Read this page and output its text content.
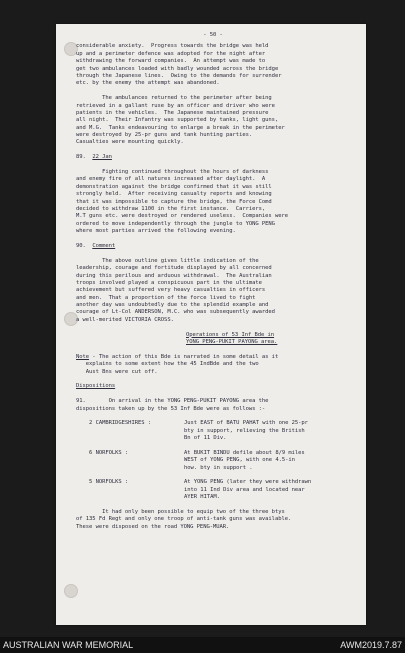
- 50 -
considerable anxiety.  Progress towards the bridge was held
up and a perimeter defence was adopted for the night after
withdrawing the forward companies.  An attempt was made to
get two ambulances loaded with badly wounded across the bridge
through the Japanese lines.  Owing to the demands for surrender
etc. by the enemy the attempt was abandoned.
The ambulances returned to the perimeter after being
retrieved in a gallant ruse by an officer and driver who were
patients in the vehicles.  The Japanese maintained pressure
all night.  Their Infantry was supported by tanks, light guns,
and M.G.  Tanks endeavouring to enlarge a break in the perimeter
were destroyed by 25-pr guns and tank hunting parties.
Casualties were mounting quickly.
89. 22 Jan
Fighting continued throughout the hours of darkness
and enemy fire of all natures increased after daylight.  A
demonstration against the bridge confirmed that it was still
strongly held.  After receiving casualty reports and knowing
that it was impossible to capture the bridge, the Force Comd
decided to withdraw 1100 in the first instance.  Carriers,
M.T guns etc. were destroyed or rendered useless.  Companies were
ordered to move independently through the jungle to YONG PENG
where most parties arrived the following evening.
90. Comment
The above outline gives little indication of the
leadership, courage and fortitude displayed by all concerned
during this perilous and arduous withdrawal.  The Australian
troops involved played a conspicuous part in the ultimate
achievement but suffered very heavy casualties in officers
and men.  That a proportion of the force lived to fight
another day was undoubtedly due to the splendid example and
courage of Lt-Col ANDERSON, M.C. who was subsequently awarded
a well-merited VICTORIA CROSS.
Operations of 53 Inf Bde in
YONG PENG-PUKIT PAYONG area.
Note - The action of this Bde is narrated in some detail as it
explains to some extent how the 45 IndBde and the two
Aust Bns were cut off.
Dispositions
91.       On arrival in the YONG PENG-PUKIT PAYONG area the
dispositions taken up by the 53 Inf Bde were as follows :-
2 CAMBRIDGESHIRES :	Just EAST of BATU PAHAT with one 25-pr
bty in support, relieving the British
Bn of 11 Div.
6 NORFOLKS :	At BUKIT BINDU defile about 8/9 miles
WEST of YONG PENG, with one 4.5-in
how. bty in support .
5 NORFOLKS :	At YONG PENG (later they were withdrawn
into 11 Ind Div area and located near
AYER HITAM.
It had only been possible to equip two of the three btys
of 135 Fd Regt and only one troop of anti-tank guns was available.
These were disposed on the road YONG PENG-MUAR.
AUSTRALIAN WAR MEMORIAL	AWM2019.7.87
